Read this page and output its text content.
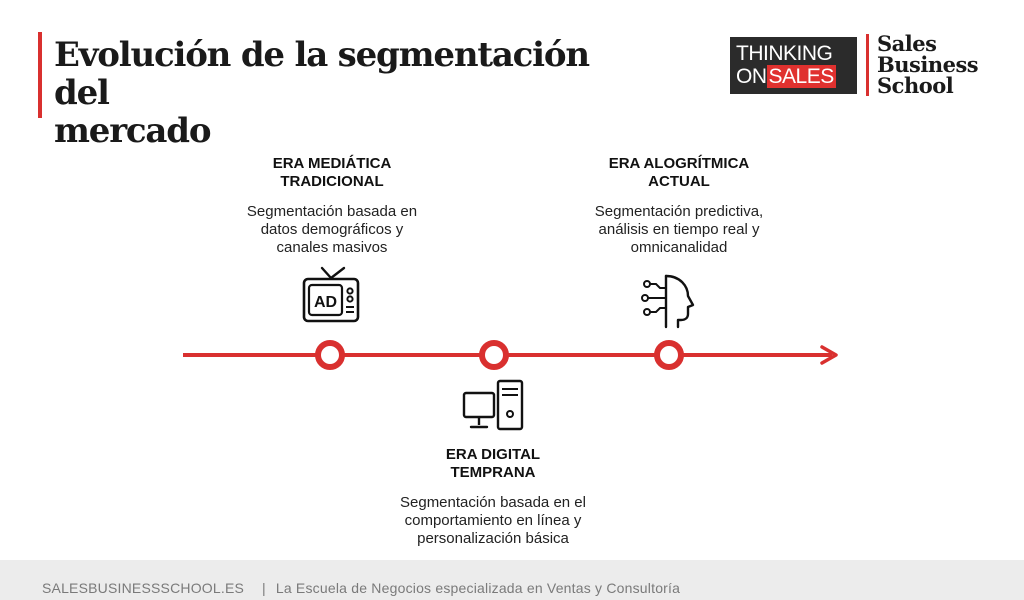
Evolución de la segmentación del
mercado
THINKING
ONSALES
Sales
Business
School
ERA MEDIÁTICA
TRADICIONAL
Segmentación basada en
datos demográficos y
canales masivos
ERA ALOGRÍTMICA
ACTUAL
Segmentación predictiva,
análisis en tiempo real y
omnicanalidad
ERA DIGITAL
TEMPRANA
Segmentación basada en el
comportamiento en línea y
personalización básica
AD
SALESBUSINESSSCHOOL.ES | La Escuela de Negocios especializada en Ventas y Consultoría
